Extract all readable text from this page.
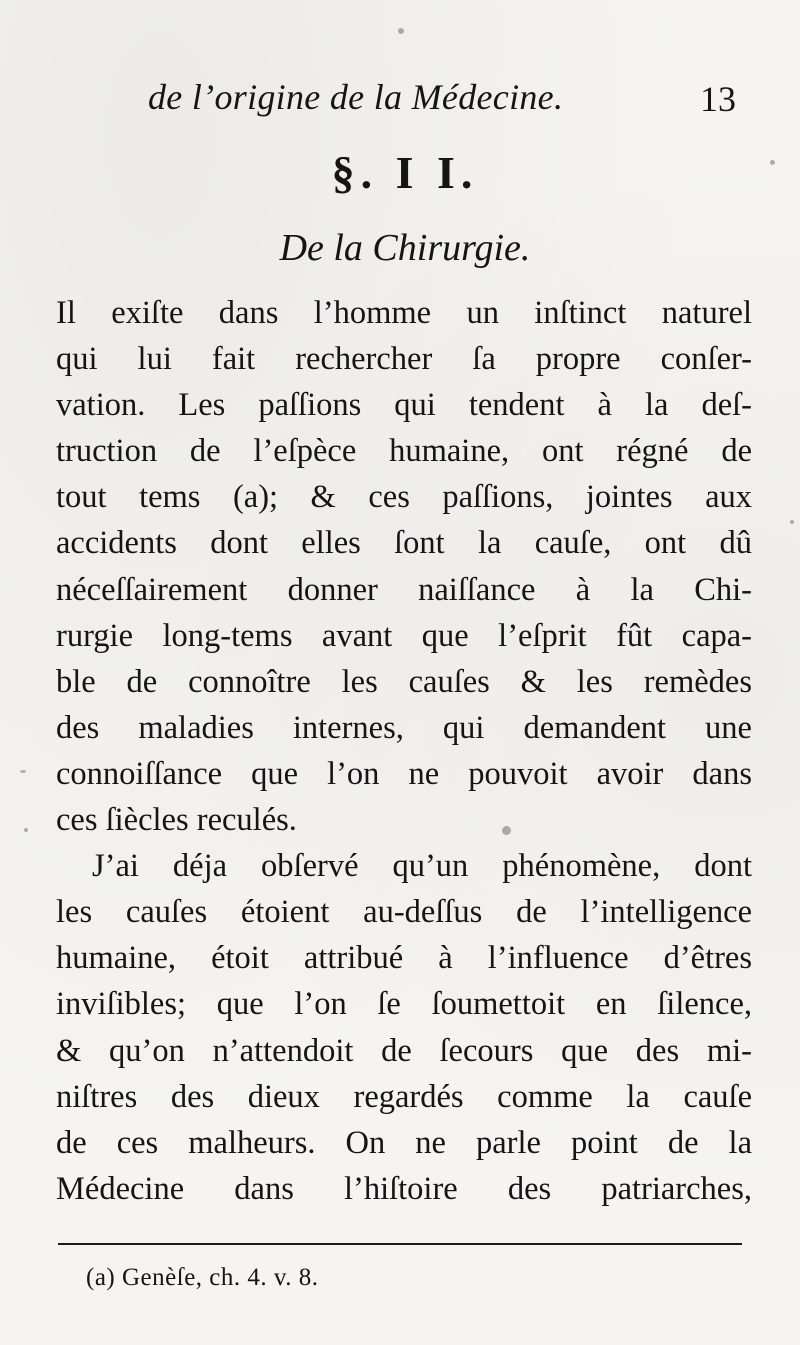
de l’origine de la Médecine.	13
§. I I.
De la Chirurgie.
Il exiſte dans l’homme un inſtinct naturel
qui lui fait rechercher ſa propre conſer-
vation. Les paſſions qui tendent à la deſ-
truction de l’eſpèce humaine, ont régné de
tout tems (a); & ces paſſions, jointes aux
accidents dont elles ſont la cauſe, ont dû
néceſſairement donner naiſſance à la Chi-
rurgie long-tems avant que l’eſprit fût capa-
ble de connoître les cauſes & les remèdes
des maladies internes, qui demandent une
connoiſſance que l’on ne pouvoit avoir dans
ces ſiècles reculés.
J’ai déja obſervé qu’un phénomène, dont
les cauſes étoient au-deſſus de l’intelligence
humaine, étoit attribué à l’influence d’êtres
inviſibles; que l’on ſe ſoumettoit en ſilence,
& qu’on n’attendoit de ſecours que des mi-
niſtres des dieux regardés comme la cauſe
de ces malheurs. On ne parle point de la
Médecine dans l’hiſtoire des patriarches,
(a) Genèſe, ch. 4. v. 8.
